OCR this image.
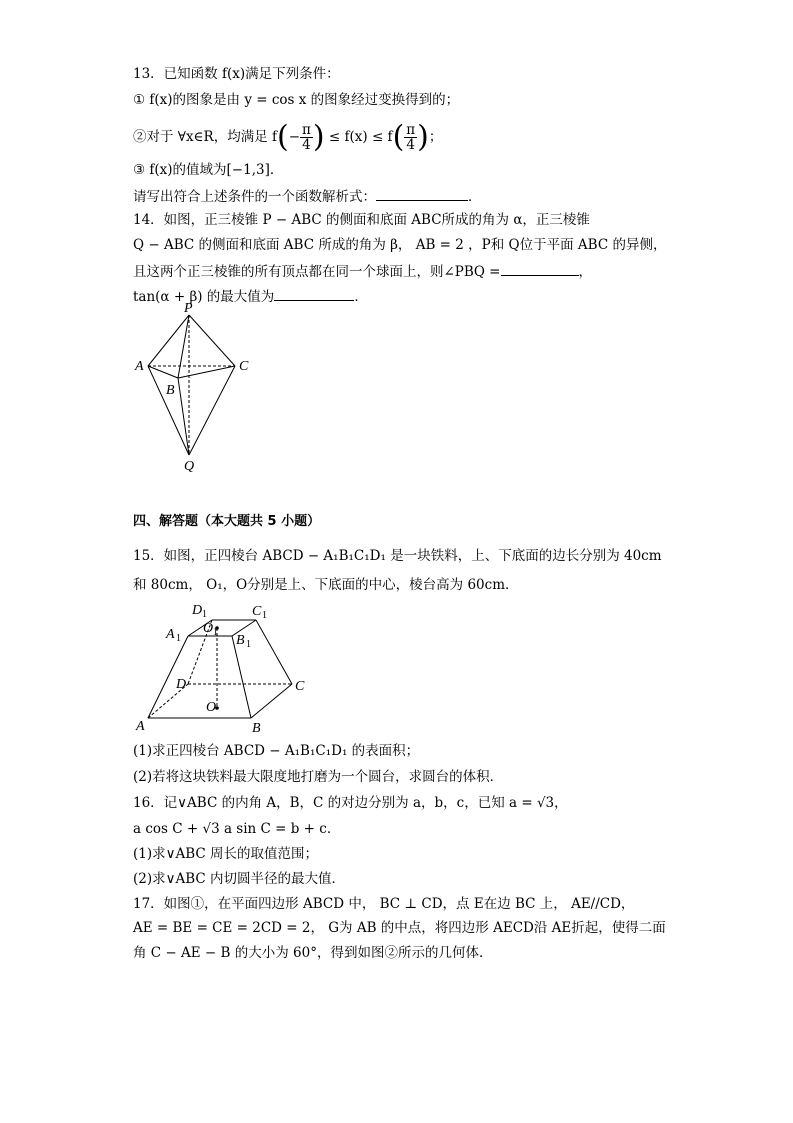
13．已知函数 f(x)满足下列条件：
① f(x)的图象是由 y = cos x 的图象经过变换得到的；
②对于 ∀x∈R，均满足 $f(- \frac{\pi}{4}$ ) ≤ $f(x) \le f( \frac{\pi}{4}$ )；
③ f(x)的值域为[−1,3]．
请写出符合上述条件的一个函数解析式：	．
14．如图，正三棱锥 P − ABC 的侧面和底面 ABC所成的角为 α，正三棱锥
Q − ABC 的侧面和底面 ABC 所成的角为 β， AB = 2 ，P和 Q位于平面 ABC 的异侧，
且这两个正三棱锥的所有顶点都在同一个球面上，则∠PBQ =	，
tan(α + β) 的最大值为	．
P
A
B
C
Q
四、解答题（本大题共 5 小题）
15．如图，正四棱台 ABCD − A₁B₁C₁D₁ 是一块铁料，上、下底面的边长分别为 40cm
和 80cm， O₁，O分别是上、下底面的中心，棱台高为 60cm．
D 1	C 1
A 1	B 1
O 1
D	C
O
A	B
(1)求正四棱台 ABCD − A₁B₁C₁D₁ 的表面积；
(2)若将这块铁料最大限度地打磨为一个圆台，求圆台的体积．
16．记∨ABC 的内角 A，B，C 的对边分别为 a，b，c，已知 a = √3，
a cos C + √3 a sin C = b + c．
(1)求∨ABC 周长的取值范围；
(2)求∨ABC 内切圆半径的最大值．
17．如图①，在平面四边形 ABCD 中， BC ⊥ CD，点 E在边 BC 上， AE//CD，
AE = BE = CE = 2CD = 2， G为 AB 的中点，将四边形 AECD沿 AE折起，使得二面
角 C − AE − B 的大小为 60°，得到如图②所示的几何体．
